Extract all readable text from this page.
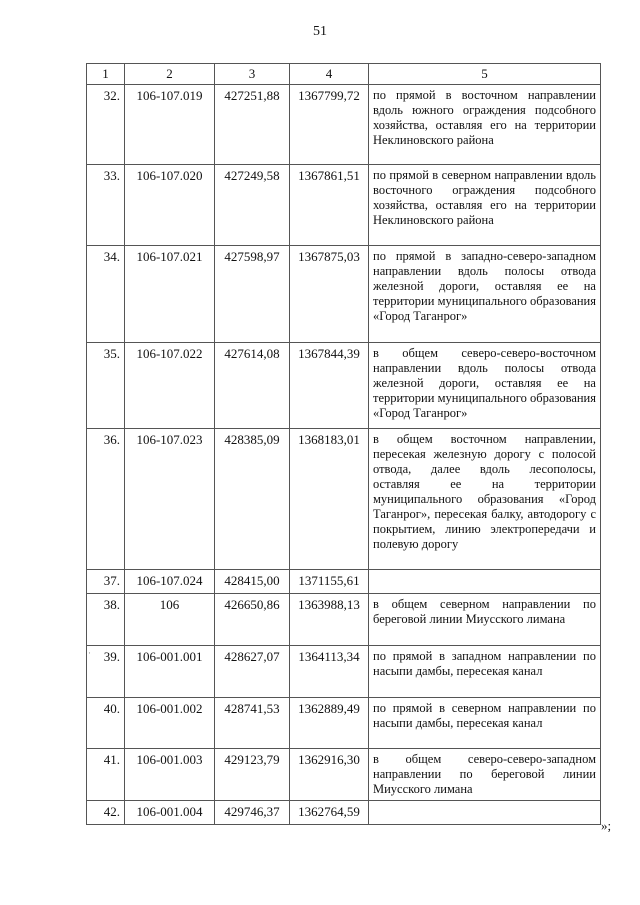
51
1	2	3	4	5
32.	106-107.019	427251,88	1367799,72	по прямой в восточном направлении вдоль южного ограждения подсобного хозяйства, оставляя его на территории Неклиновского района
33.	106-107.020	427249,58	1367861,51	по прямой в северном направлении вдоль восточного ограждения подсобного хозяйства, оставляя его на территории Неклиновского района
34.	106-107.021	427598,97	1367875,03	по прямой в западно-северо-западном направлении вдоль полосы отвода железной дороги, оставляя ее на территории муниципального образования «Город Таганрог»
35.	106-107.022	427614,08	1367844,39	в общем северо-северо-восточном направлении вдоль полосы отвода железной дороги, оставляя ее на территории муниципального образования «Город Таганрог»
36.	106-107.023	428385,09	1368183,01	в общем восточном направлении, пересекая железную дорогу с полосой отвода, далее вдоль лесополосы, оставляя ее на территории муниципального образования «Город Таганрог», пересекая балку, автодорогу с покрытием, линию электропередачи и полевую дорогу
37.	106-107.024	428415,00	1371155,61	
38.	106	426650,86	1363988,13	в общем северном направлении по береговой линии Миусского лимана
39.	106-001.001	428627,07	1364113,34	по прямой в западном направлении по насыпи дамбы, пересекая канал
40.	106-001.002	428741,53	1362889,49	по прямой в северном направлении по насыпи дамбы, пересекая канал
41.	106-001.003	429123,79	1362916,30	в общем северо-северо-западном направлении по береговой линии Миусского лимана
42.	106-001.004	429746,37	1362764,59	
»;
·
